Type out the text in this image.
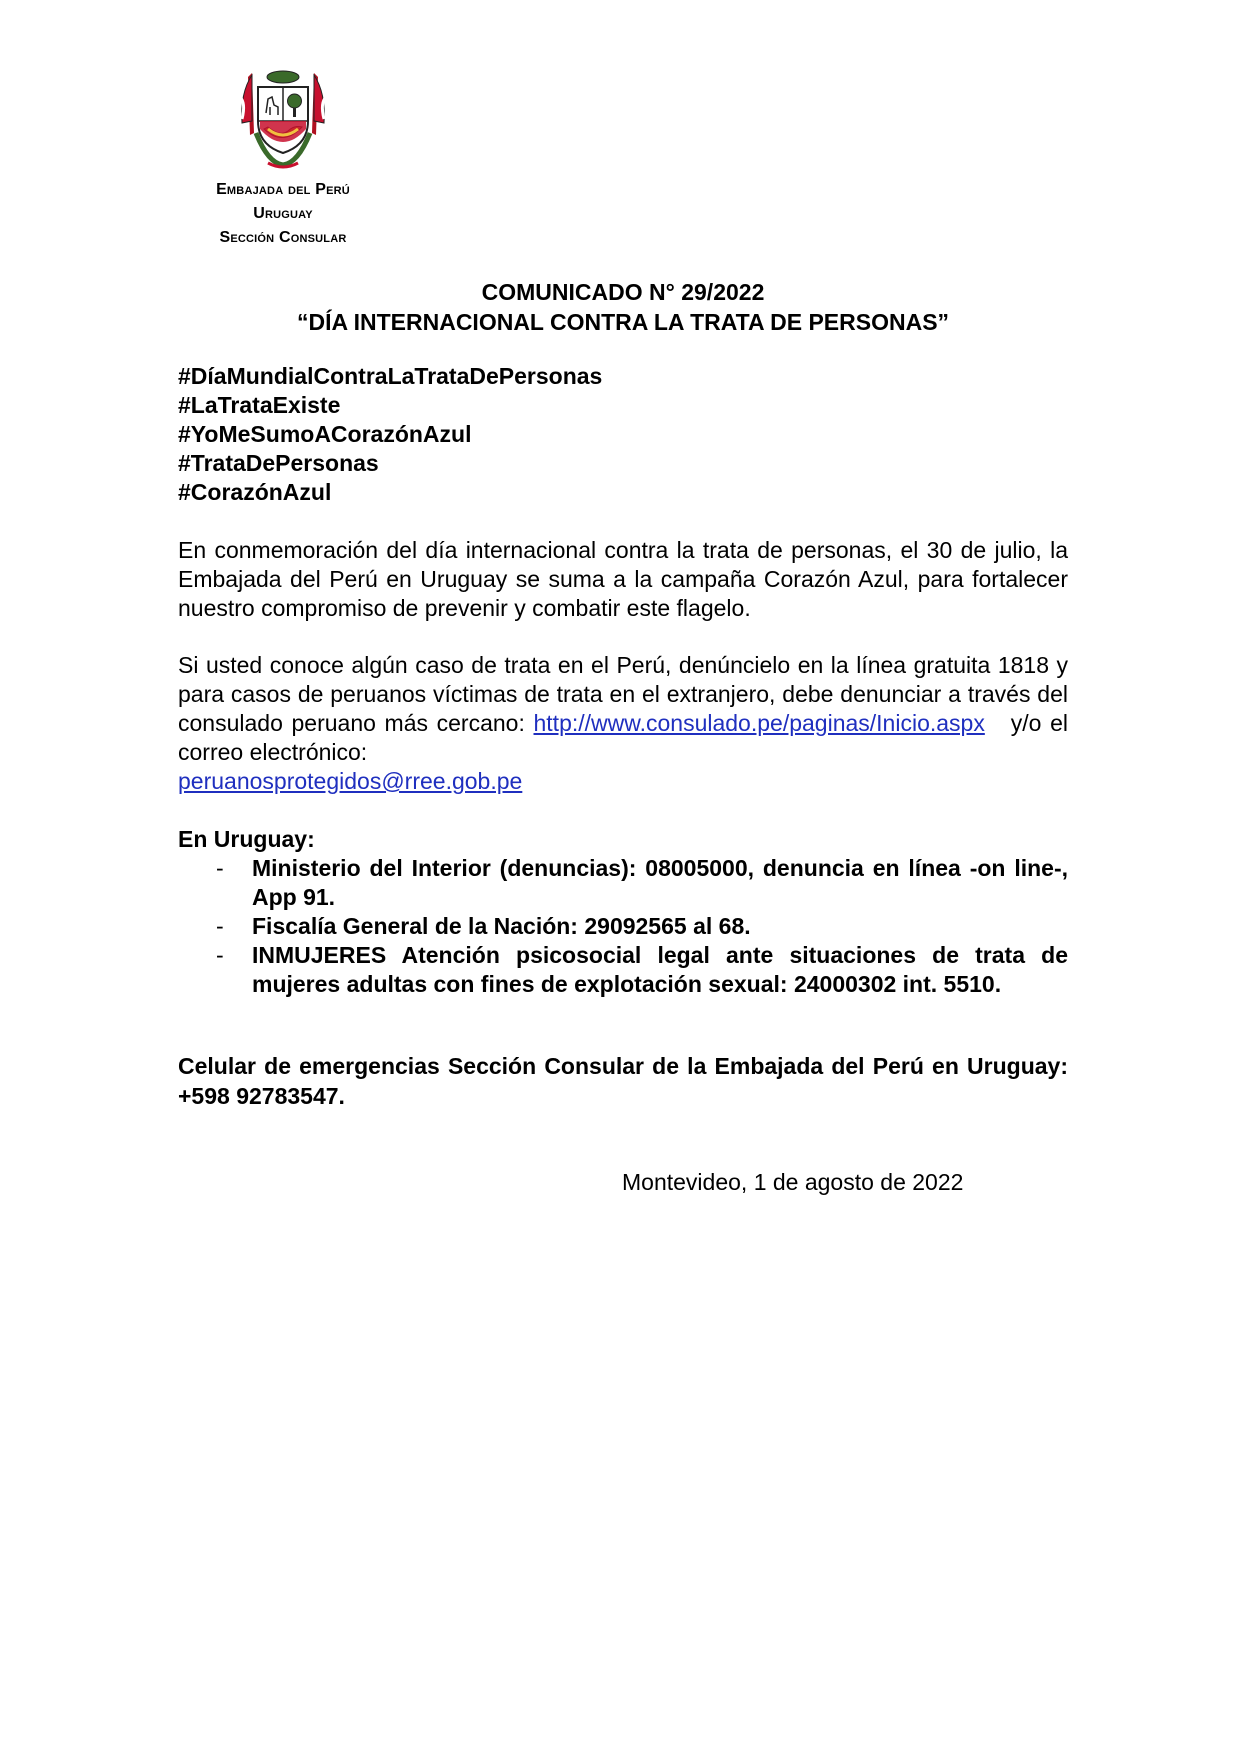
Embajada del Perú
Uruguay
Sección Consular
COMUNICADO N° 29/2022
“DÍA INTERNACIONAL CONTRA LA TRATA DE PERSONAS”
#DíaMundialContraLaTrataDePersonas
#LaTrataExiste
#YoMeSumoACorazónAzul
#TrataDePersonas
#CorazónAzul
En conmemoración del día internacional contra la trata de personas, el 30 de julio, la Embajada del Perú en Uruguay se suma a la campaña Corazón Azul, para fortalecer nuestro compromiso de prevenir y combatir este flagelo.
Si usted conoce algún caso de trata en el Perú, denúncielo en la línea gratuita 1818 y para casos de peruanos víctimas de trata en el extranjero, debe denunciar a través del consulado peruano más cercano: http://www.consulado.pe/paginas/Inicio.aspx y/o el correo electrónico:
peruanosprotegidos@rree.gob.pe
En Uruguay:
- Ministerio del Interior (denuncias): 08005000, denuncia en línea -on line-, App 91.
- Fiscalía General de la Nación: 29092565 al 68.
- INMUJERES Atención psicosocial legal ante situaciones de trata de mujeres adultas con fines de explotación sexual: 24000302 int. 5510.
Celular de emergencias Sección Consular de la Embajada del Perú en Uruguay: +598 92783547.
Montevideo, 1 de agosto de 2022
